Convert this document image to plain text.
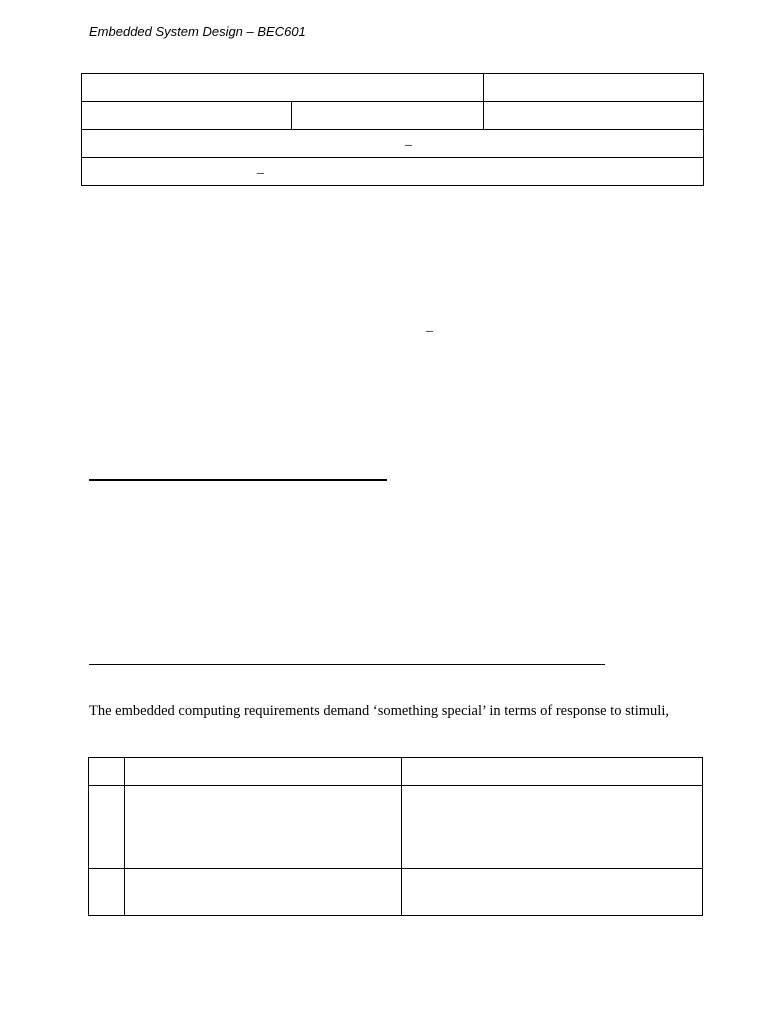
Embedded System Design – BEC601
_
_
_
The embedded computing requirements demand ‘something special’ in terms of response to stimuli,
